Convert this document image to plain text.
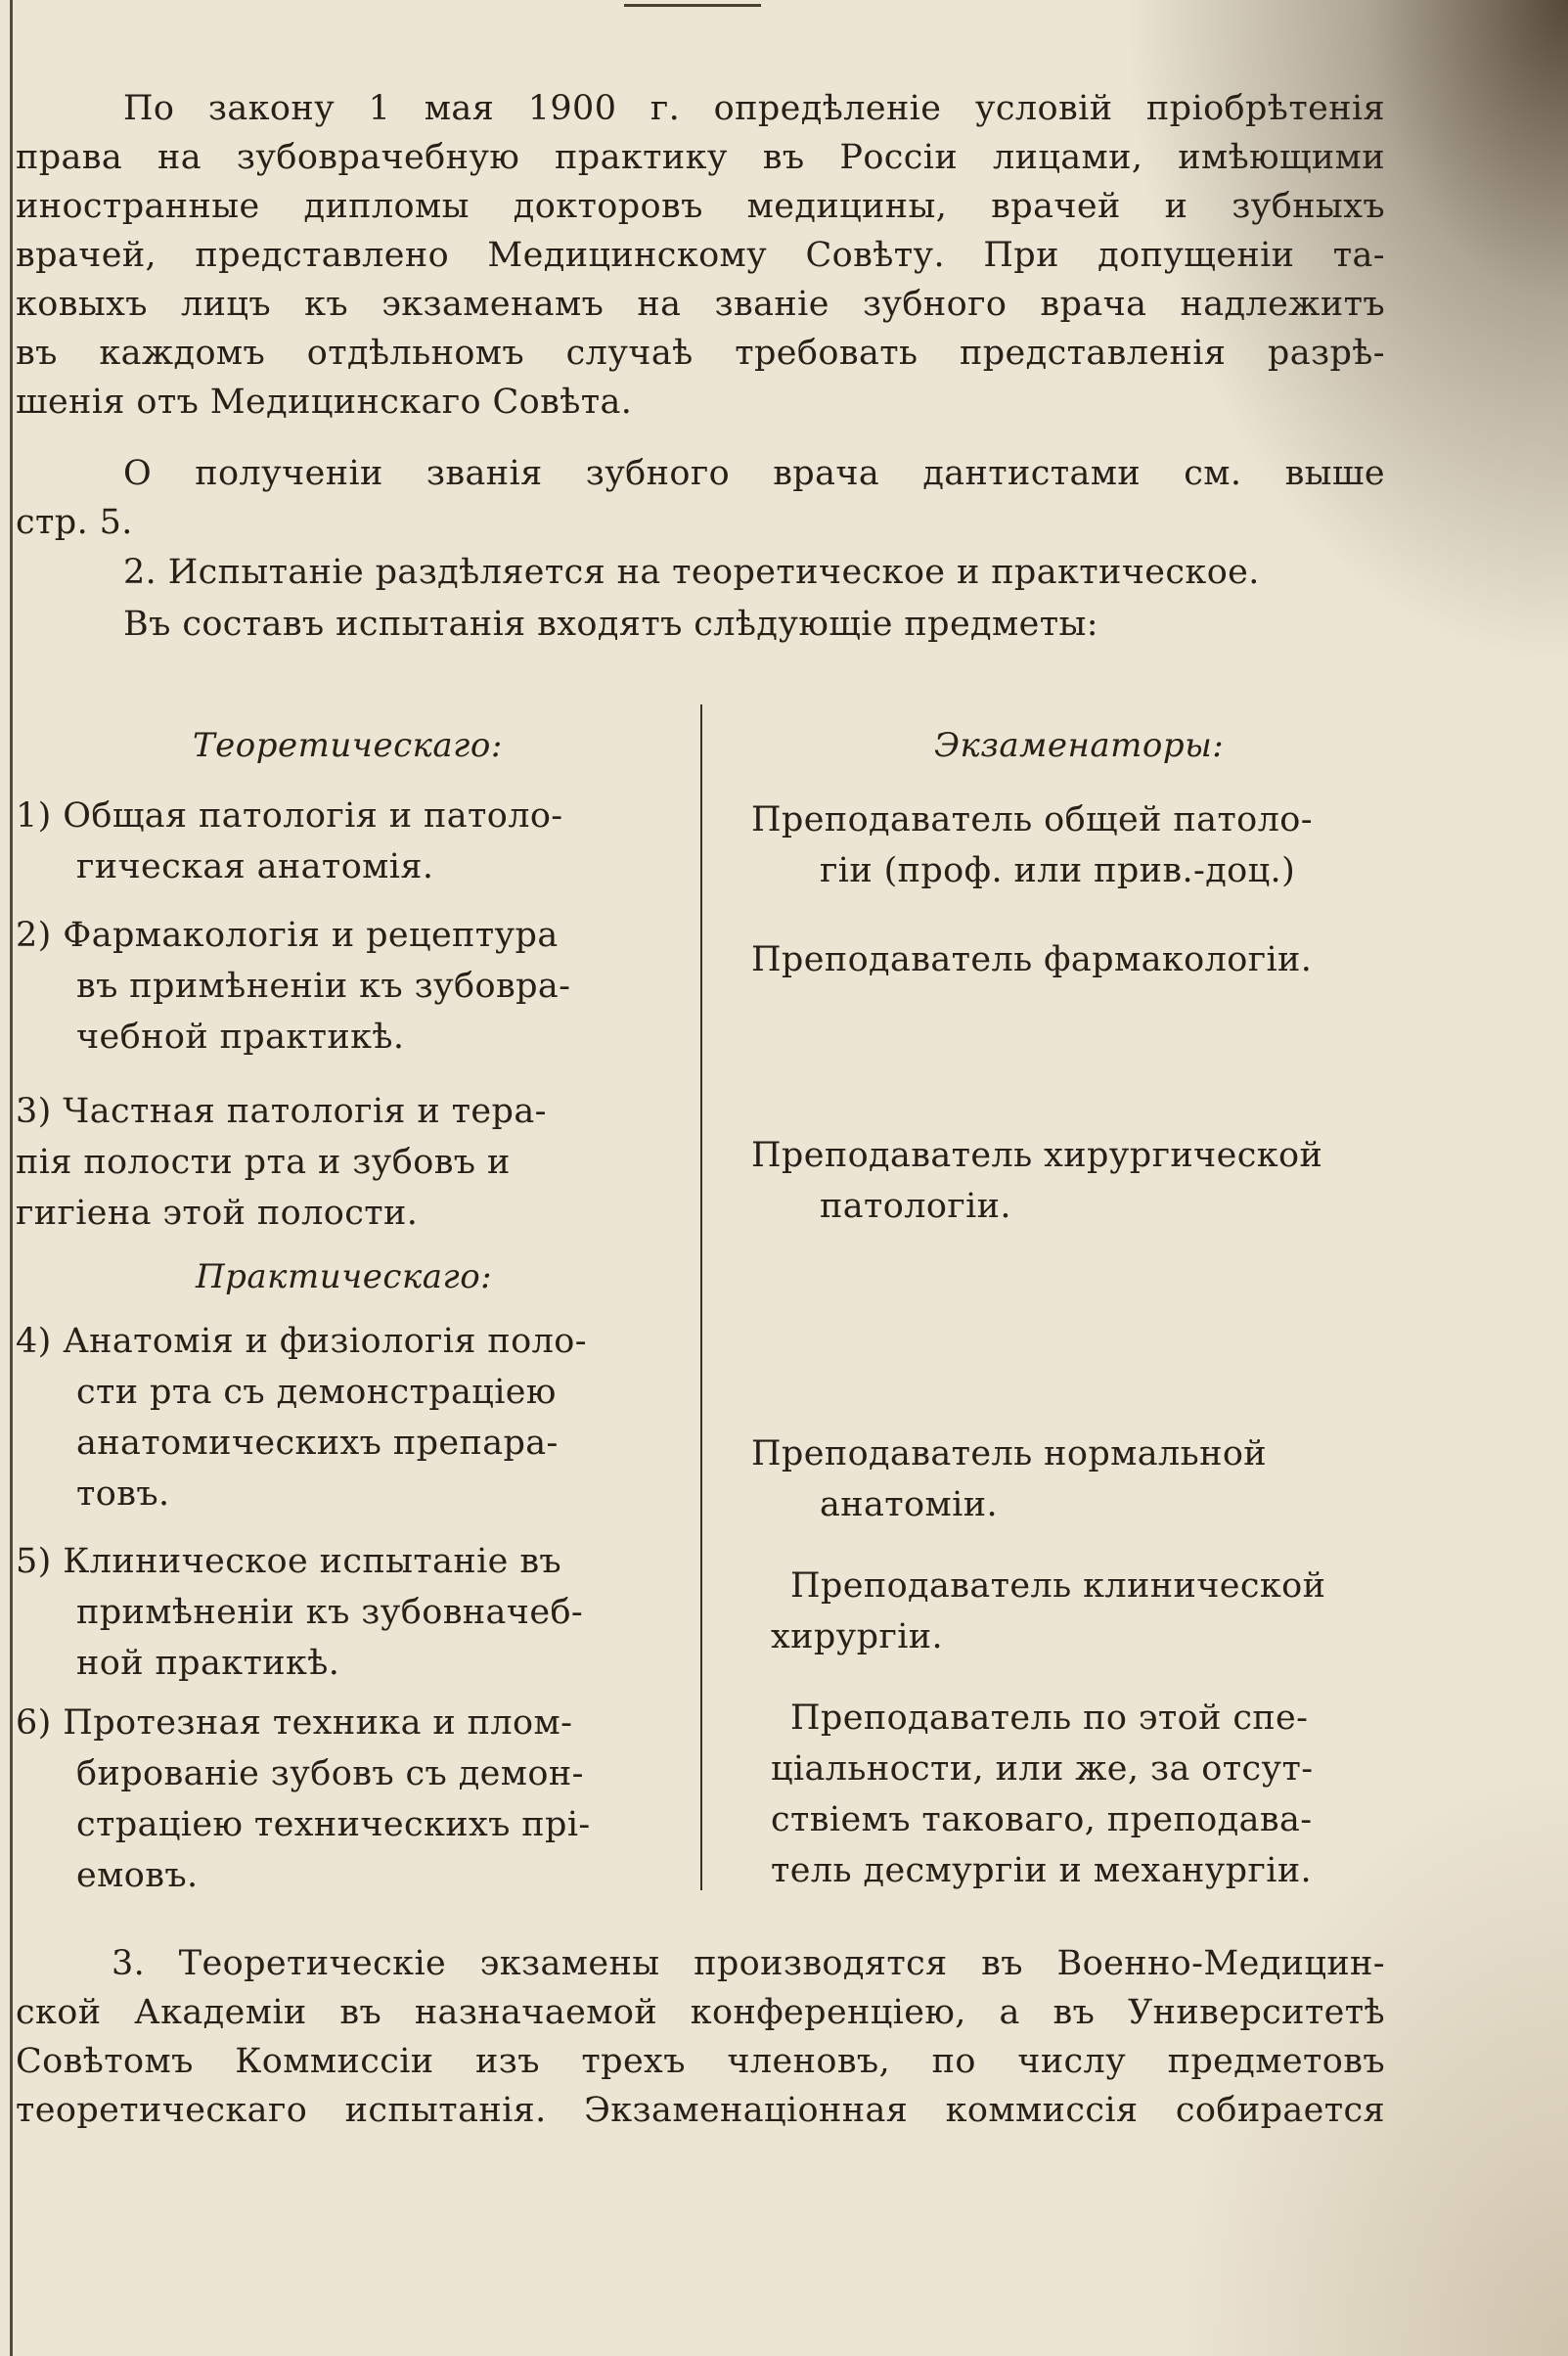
По закону 1 мая 1900 г. опредѣленіе условій пріобрѣтенія
права на зубоврачебную практику въ Россіи лицами, имѣющими
иностранные дипломы докторовъ медицины, врачей и зубныхъ
врачей, представлено Медицинскому Совѣту. При допущеніи та-
ковыхъ лицъ къ экзаменамъ на званіе зубного врача надлежитъ
въ каждомъ отдѣльномъ случаѣ требовать представленія разрѣ-
шенія отъ Медицинскаго Совѣта.
О полученіи званія зубного врача дантистами см. выше
стр. 5.
2. Испытаніе раздѣляется на теоретическое и практическое.
Въ составъ испытанія входятъ слѣдующіе предметы:
Теоретическаго:	Экзаменаторы:
Практическаго:
1) Общая патологія и патоло-
гическая анатомія.
2) Фармакологія и рецептура
въ примѣненіи къ зубовра-
чебной практикѣ.
3) Частная патологія и тера-
пія полости рта и зубовъ и
гигіена этой полости.
4) Анатомія и физіологія поло-
сти рта съ демонстраціею
анатомическихъ препара-
товъ.
5) Клиническое испытаніе въ
примѣненіи къ зубовначеб-
ной практикѣ.
6) Протезная техника и плом-
бированіе зубовъ съ демон-
страціею техническихъ прі-
емовъ.
Преподаватель общей патоло-
гіи (проф. или прив.-доц.)
Преподаватель фармакологіи.
Преподаватель хирургической
патологіи.
Преподаватель нормальной
анатоміи.
Преподаватель клинической
хирургіи.
Преподаватель по этой спе-
ціальности, или же, за отсут-
ствіемъ таковаго, преподава-
тель десмургіи и механургіи.
3. Теоретическіе экзамены производятся въ Военно-Медицин-
ской Академіи въ назначаемой конференціею, а въ Университетѣ
Совѣтомъ Коммиссіи изъ трехъ членовъ, по числу предметовъ
теоретическаго испытанія. Экзаменаціонная коммиссія собирается
